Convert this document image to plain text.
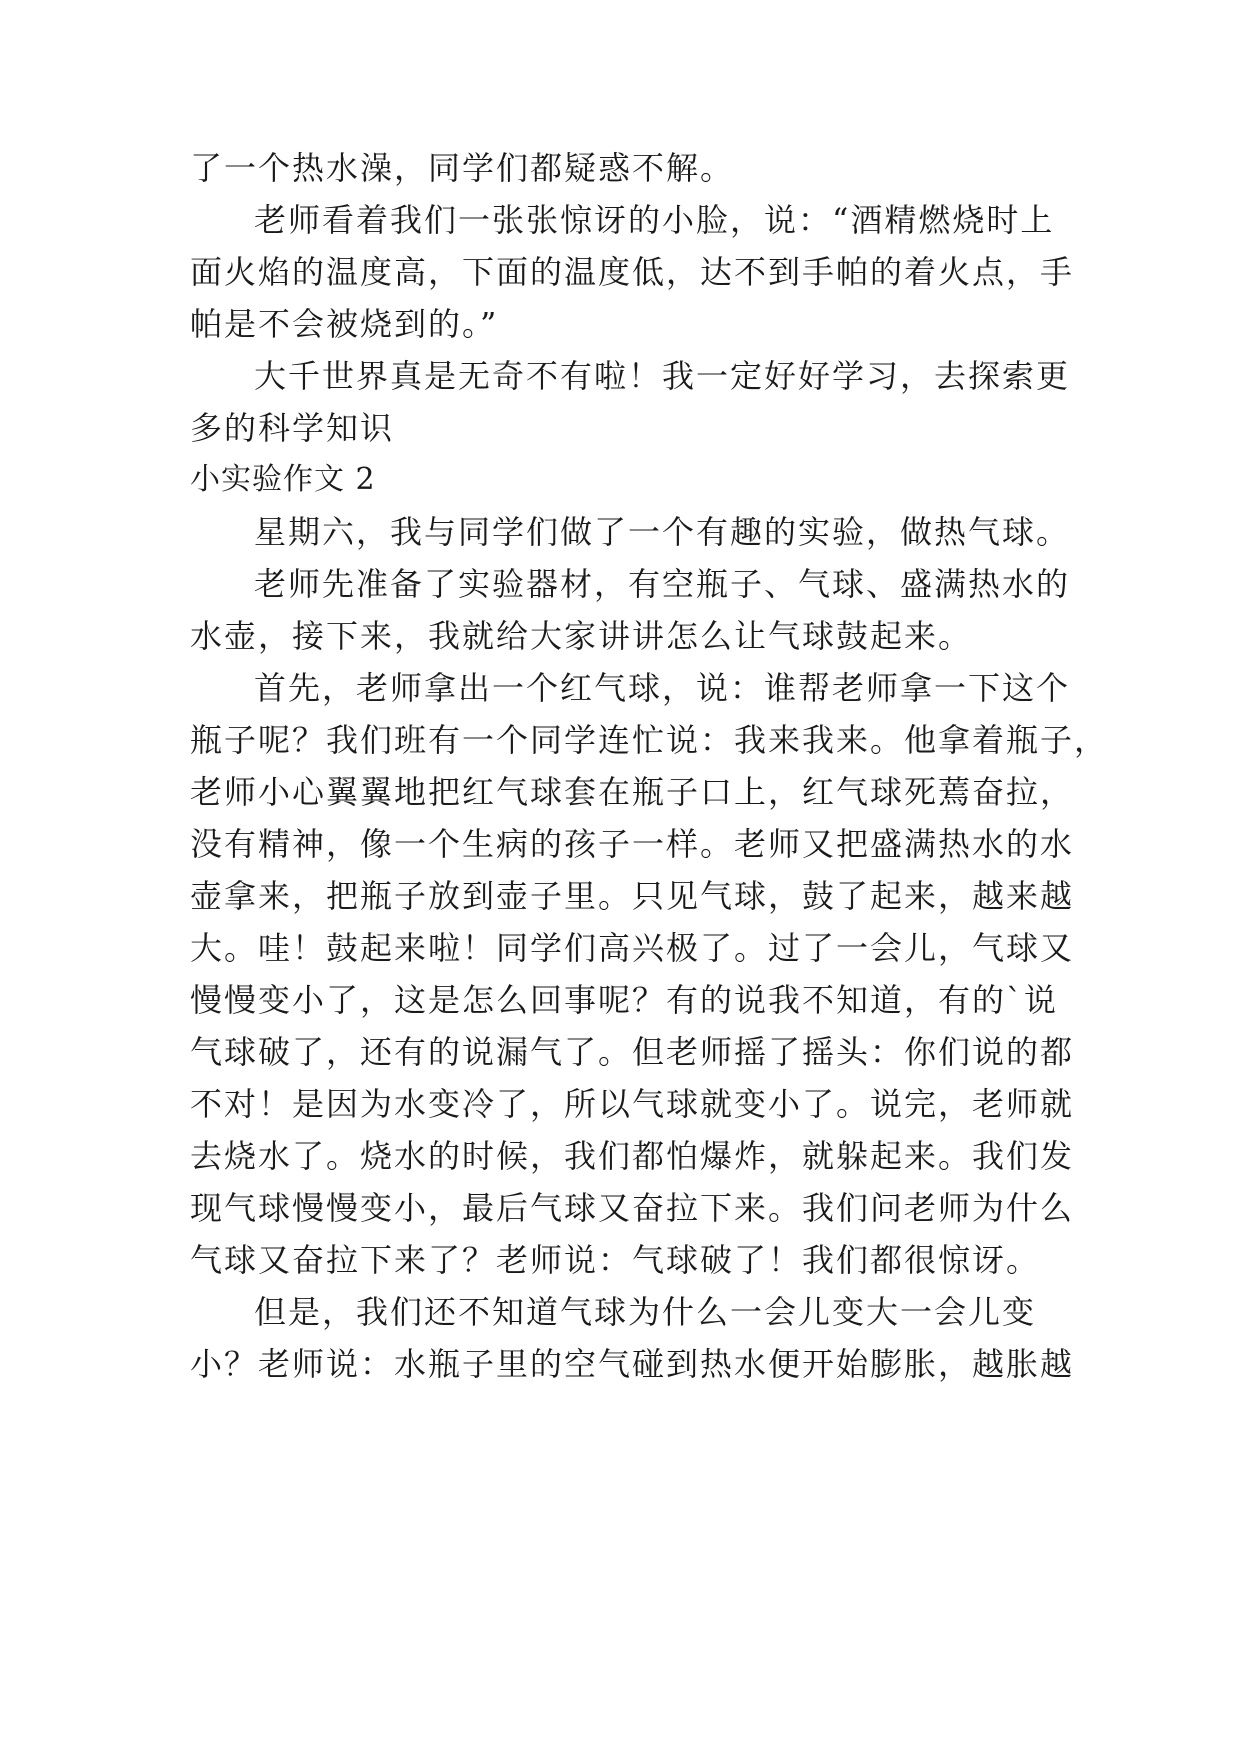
了一个热水澡，同学们都疑惑不解。
老师看着我们一张张惊讶的小脸，说：“酒精燃烧时上
面火焰的温度高，下面的温度低，达不到手帕的着火点，手
帕是不会被烧到的。”
大千世界真是无奇不有啦！我一定好好学习，去探索更
多的科学知识
小实验作文 2
星期六，我与同学们做了一个有趣的实验，做热气球。
老师先准备了实验器材，有空瓶子、气球、盛满热水的
水壶，接下来，我就给大家讲讲怎么让气球鼓起来。
首先，老师拿出一个红气球，说：谁帮老师拿一下这个
瓶子呢？我们班有一个同学连忙说：我来我来。他拿着瓶子，
老师小心翼翼地把红气球套在瓶子口上，红气球死蔫奋拉，
没有精神，像一个生病的孩子一样。老师又把盛满热水的水
壶拿来，把瓶子放到壶子里。只见气球，鼓了起来，越来越
大。哇！鼓起来啦！同学们高兴极了。过了一会儿，气球又
慢慢变小了，这是怎么回事呢？有的说我不知道，有的`说
气球破了，还有的说漏气了。但老师摇了摇头：你们说的都
不对！是因为水变冷了，所以气球就变小了。说完，老师就
去烧水了。烧水的时候，我们都怕爆炸，就躲起来。我们发
现气球慢慢变小，最后气球又奋拉下来。我们问老师为什么
气球又奋拉下来了？老师说：气球破了！我们都很惊讶。
但是，我们还不知道气球为什么一会儿变大一会儿变
小？老师说：水瓶子里的空气碰到热水便开始膨胀，越胀越
